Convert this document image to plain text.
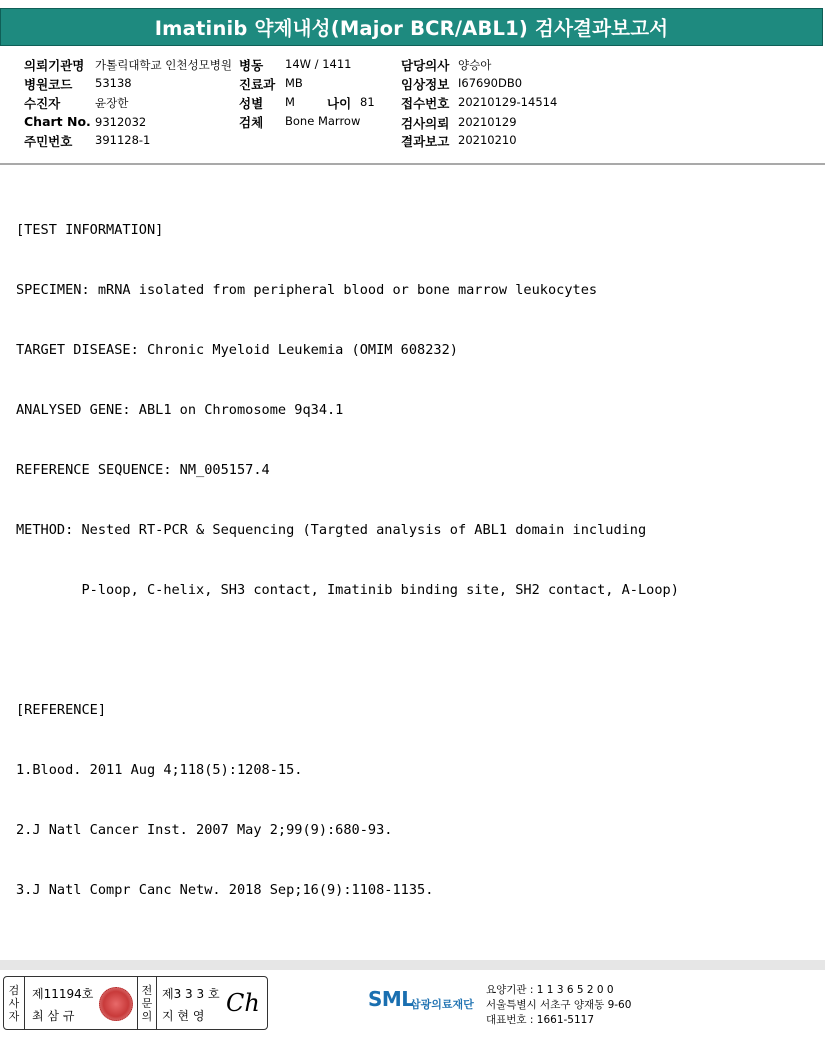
Imatinib 약제내성(Major BCR/ABL1) 검사결과보고서
의뢰기관명 가톨릭대학교 인천성모병원 병동 14W / 1411	담당의사 양승아
병원코드 53138	진료과 MB	임상정보 I67690DB0
수진자	윤장한	성별 M	나이 81 접수번호 20210129-14514
Chart No. 9312032	검체 Bone Marrow	검사의뢰 20210129
주민번호 391128-1	결과보고 20210210

[TEST INFORMATION]

SPECIMEN: mRNA isolated from peripheral blood or bone marrow leukocytes

TARGET DISEASE: Chronic Myeloid Leukemia (OMIM 608232)

ANALYSED GENE: ABL1 on Chromosome 9q34.1

REFERENCE SEQUENCE: NM_005157.4

METHOD: Nested RT-PCR & Sequencing (Targted analysis of ABL1 domain including

P-loop, C-helix, SH3 contact, Imatinib binding site, SH2 contact, A-Loop)

[REFERENCE]

1.Blood. 2011 Aug 4;118(5):1208-15.

2.J Natl Cancer Inst. 2007 May 2;99(9):680-93.

3.J Natl Compr Canc Netw. 2018 Sep;16(9):1108-1135.

검
사
자
제11194호
최 삼 규
전
문
의
제3 3 3 호
지 현 영 Ch	SML
삼광의료재단
요양기관 : 1 1 3 6 5 2 0 0
서울특별시 서초구 양재동 9-60
대표번호 : 1661-5117
